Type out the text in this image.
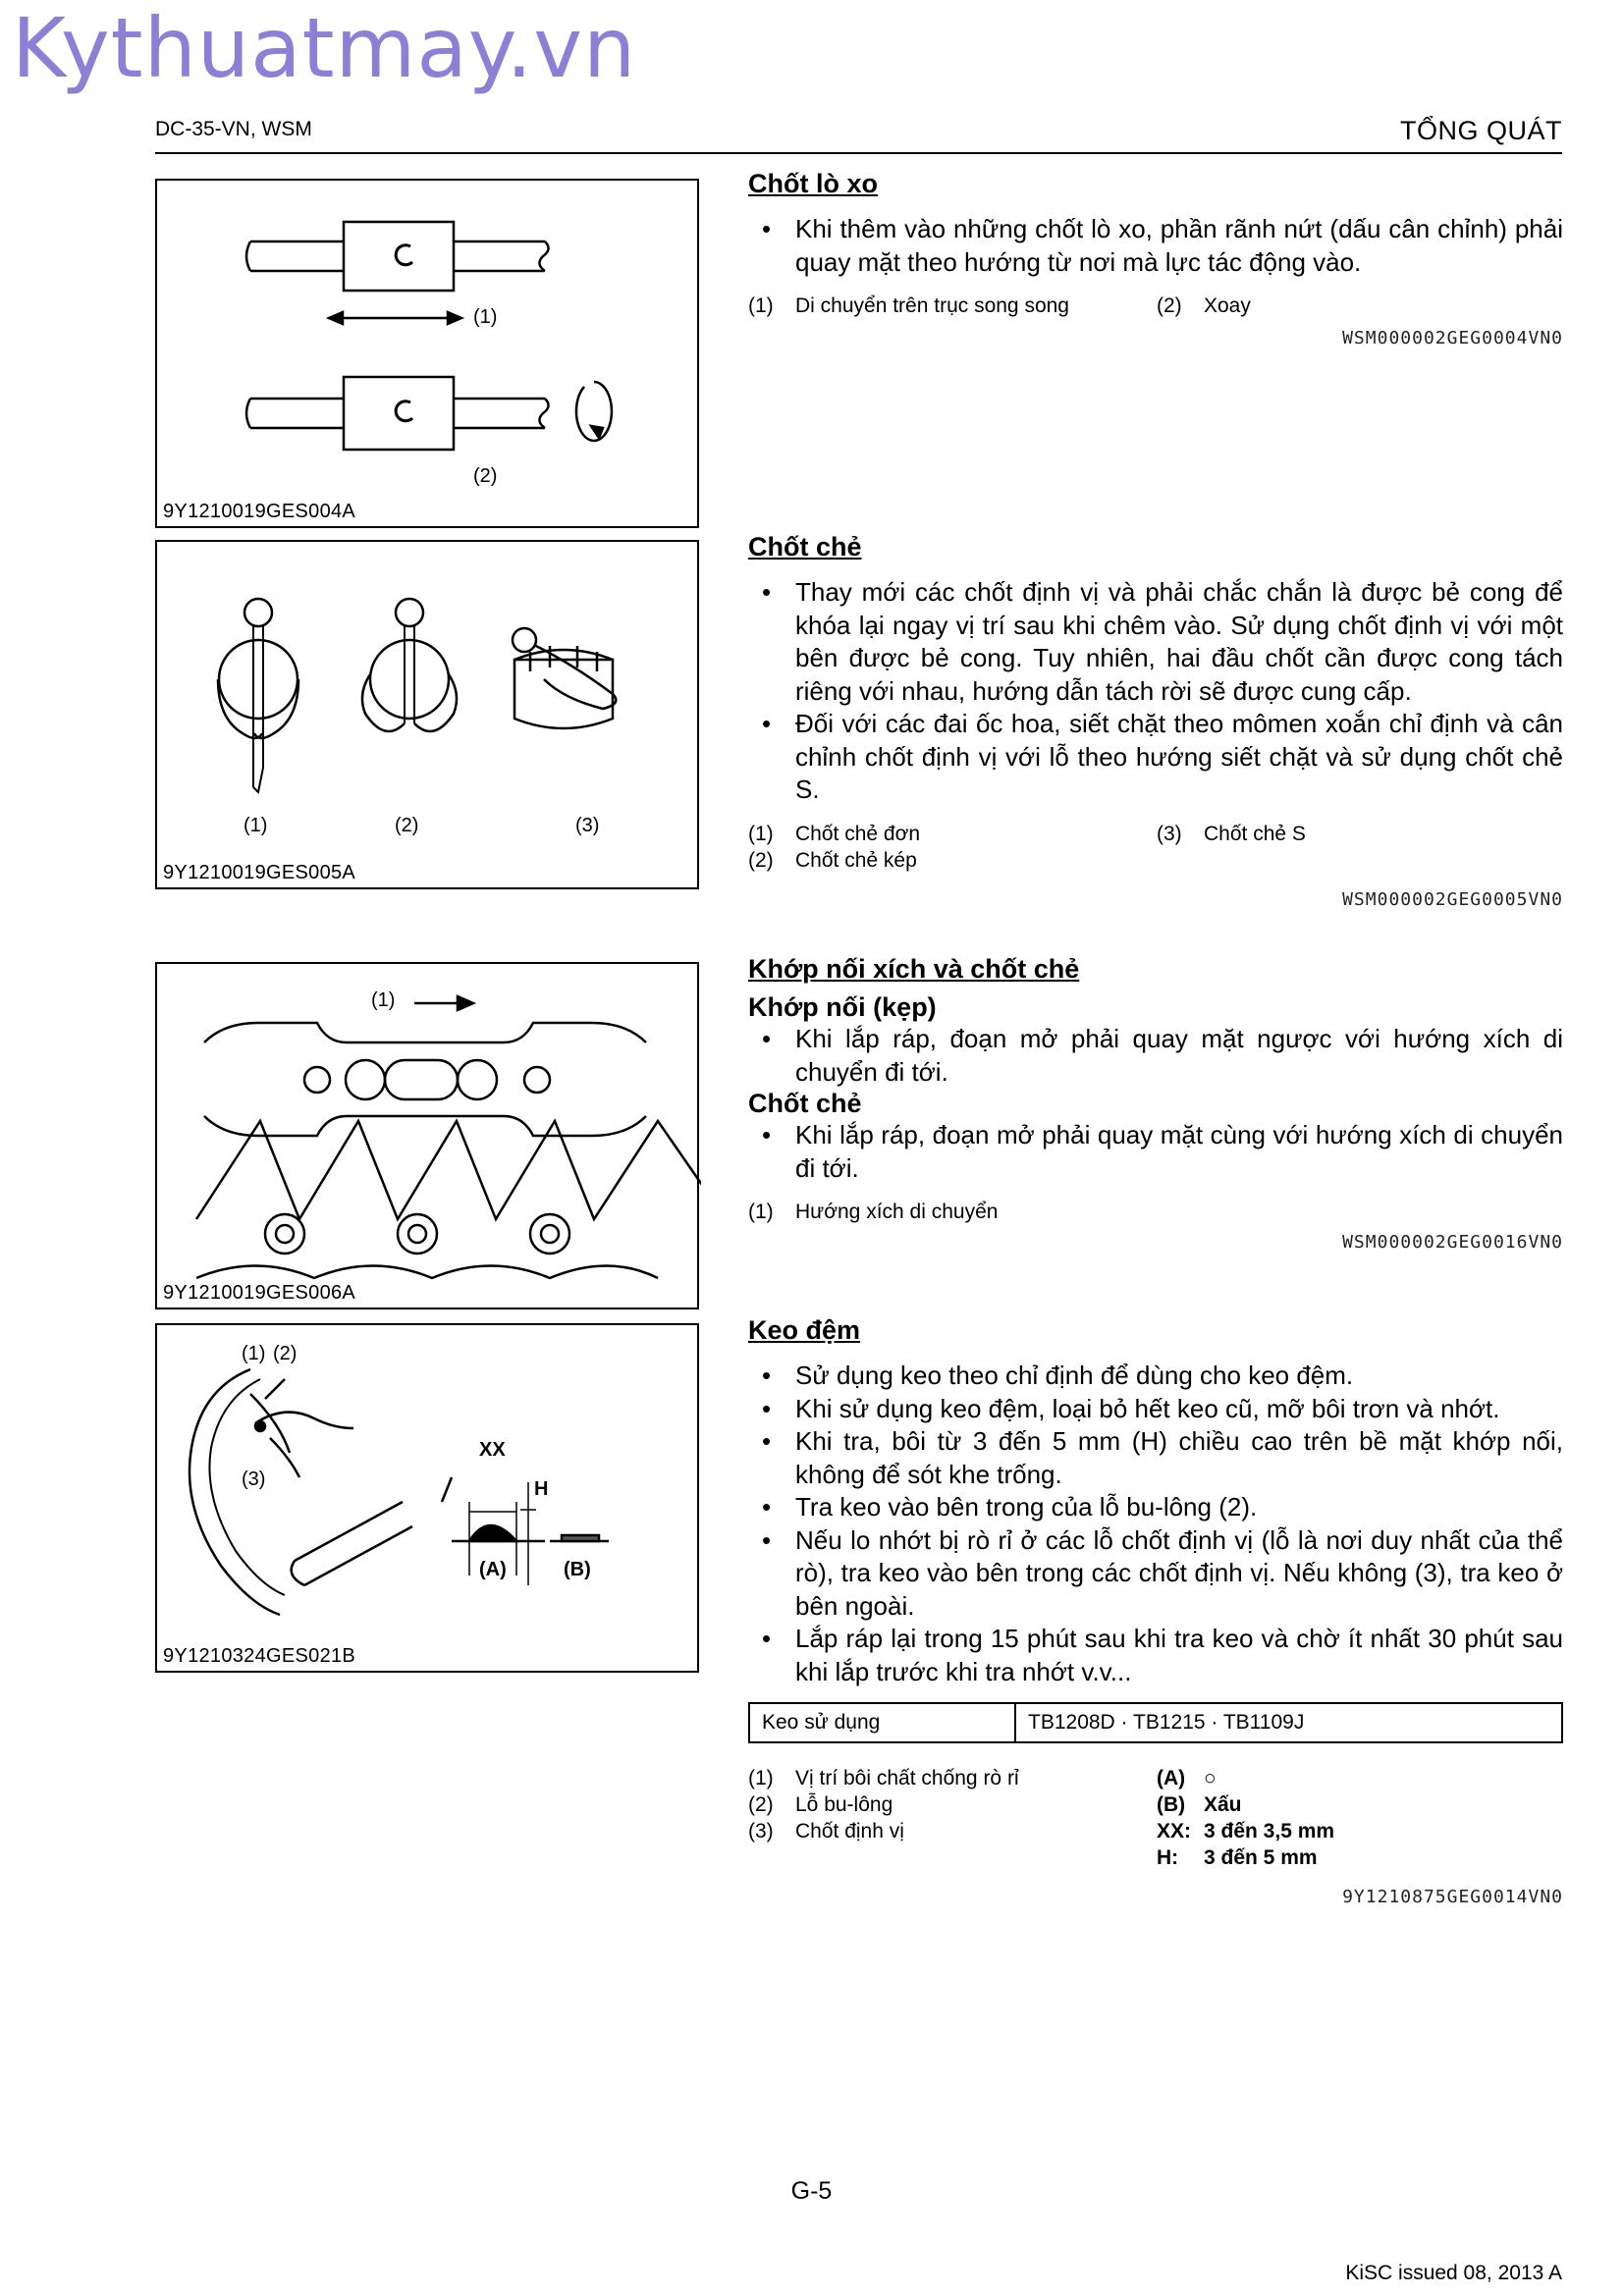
Kythuatmay.vn
DC-35-VN, WSM	TỔNG QUÁT
(1)
(2)
9Y1210019GES004A
(1)	(2)	(3)
9Y1210019GES005A
(1)
9Y1210019GES006A
(1) (2)
(3)
XX
H
(A)	(B)
9Y1210324GES021B
Chốt lò xo
• Khi thêm vào những chốt lò xo, phần rãnh nứt (dấu cân chỉnh) phải quay mặt theo hướng từ nơi mà lực tác động vào.
(1) Di chuyển trên trục song song	(2) Xoay
WSM000002GEG0004VN0
Chốt chẻ
• Thay mới các chốt định vị và phải chắc chắn là được bẻ cong để khóa lại ngay vị trí sau khi chêm vào. Sử dụng chốt định vị với một bên được bẻ cong. Tuy nhiên, hai đầu chốt cần được cong tách riêng với nhau, hướng dẫn tách rời sẽ được cung cấp.
• Đối với các đai ốc hoa, siết chặt theo mômen xoắn chỉ định và cân chỉnh chốt định vị với lỗ theo hướng siết chặt và sử dụng chốt chẻ S.
(1) Chốt chẻ đơn
(2) Chốt chẻ kép
(3) Chốt chẻ S
WSM000002GEG0005VN0
Khớp nối xích và chốt chẻ
Khớp nối (kẹp)
• Khi lắp ráp, đoạn mở phải quay mặt ngược với hướng xích di chuyển đi tới.
Chốt chẻ
• Khi lắp ráp, đoạn mở phải quay mặt cùng với hướng xích di chuyển đi tới.
(1) Hướng xích di chuyển
WSM000002GEG0016VN0
Keo đệm
• Sử dụng keo theo chỉ định để dùng cho keo đệm.
• Khi sử dụng keo đệm, loại bỏ hết keo cũ, mỡ bôi trơn và nhớt.
• Khi tra, bôi từ 3 đến 5 mm (H) chiều cao trên bề mặt khớp nối, không để sót khe trống.
• Tra keo vào bên trong của lỗ bu-lông (2).
• Nếu lo nhớt bị rò rỉ ở các lỗ chốt định vị (lỗ là nơi duy nhất của thể rò), tra keo vào bên trong các chốt định vị. Nếu không (3), tra keo ở bên ngoài.
• Lắp ráp lại trong 15 phút sau khi tra keo và chờ ít nhất 30 phút sau khi lắp trước khi tra nhớt v.v...
Keo sử dụng	TB1208D · TB1215 · TB1109J
(1) Vị trí bôi chất chống rò rỉ
(2) Lỗ bu-lông
(3) Chốt định vị
(A) ○
(B) Xấu
XX: 3 đến 3,5 mm
H: 3 đến 5 mm
9Y1210875GEG0014VN0
G-5
KiSC issued 08, 2013 A
